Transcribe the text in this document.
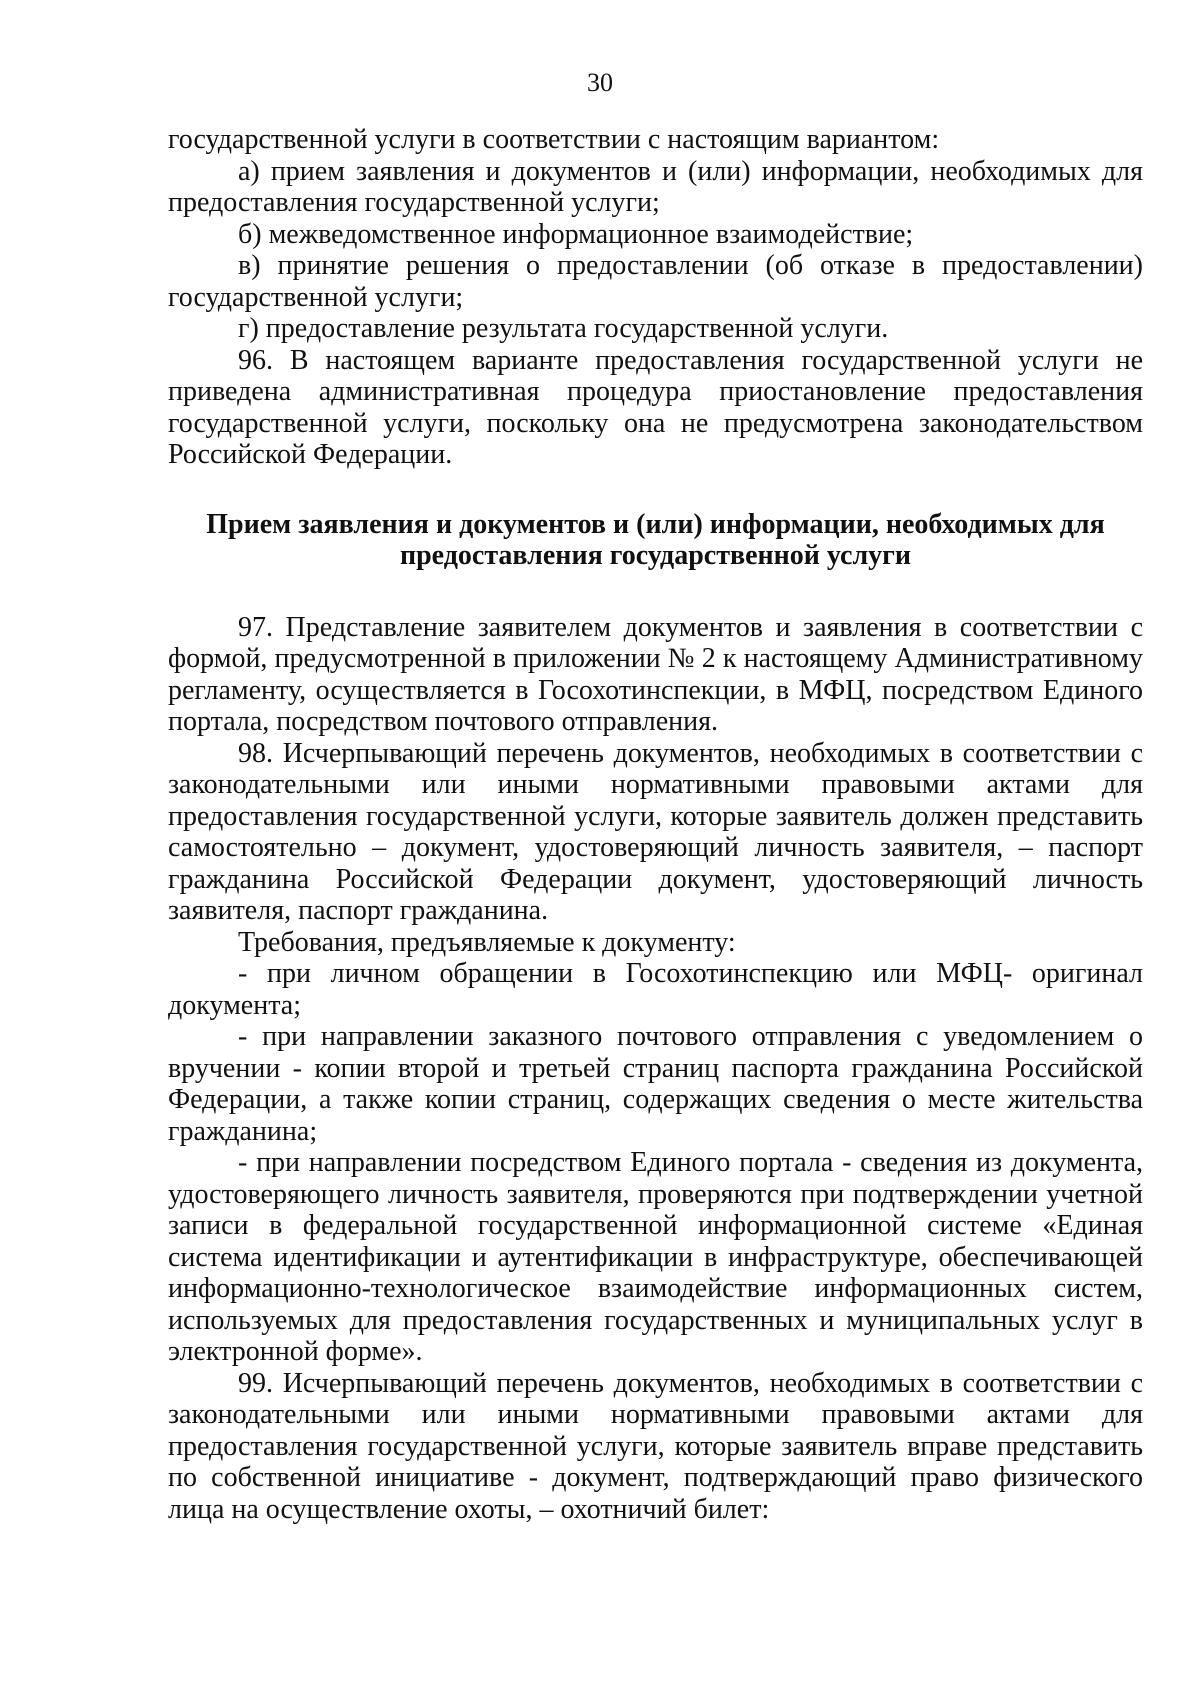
30

государственной услуги в соответствии с настоящим вариантом:

а) прием заявления и документов и (или) информации, необходимых для предоставления государственной услуги;

б) межведомственное информационное взаимодействие;

в) принятие решения о предоставлении (об отказе в предоставлении) государственной услуги;

г) предоставление результата государственной услуги.

96. В настоящем варианте предоставления государственной услуги не приведена административная процедура приостановление предоставления государственной услуги, поскольку она не предусмотрена законодательством Российской Федерации.

Прием заявления и документов и (или) информации, необходимых для
предоставления государственной услуги

97. Представление заявителем документов и заявления в соответствии с формой, предусмотренной в приложении № 2 к настоящему Административному регламенту, осуществляется в Госохотинспекции, в МФЦ, посредством Единого портала, посредством почтового отправления.

98. Исчерпывающий перечень документов, необходимых в соответствии с законодательными или иными нормативными правовыми актами для предоставления государственной услуги, которые заявитель должен представить самостоятельно – документ, удостоверяющий личность заявителя, – паспорт гражданина Российской Федерации документ, удостоверяющий личность заявителя, паспорт гражданина.

Требования, предъявляемые к документу:

- при личном обращении в Госохотинспекцию или МФЦ- оригинал документа;

- при направлении заказного почтового отправления с уведомлением о вручении - копии второй и третьей страниц паспорта гражданина Российской Федерации, а также копии страниц, содержащих сведения о месте жительства гражданина;

- при направлении посредством Единого портала - сведения из документа, удостоверяющего личность заявителя, проверяются при подтверждении учетной записи в федеральной государственной информационной системе «Единая система идентификации и аутентификации в инфраструктуре, обеспечивающей информационно-технологическое взаимодействие информационных систем, используемых для предоставления государственных и муниципальных услуг в электронной форме».

99. Исчерпывающий перечень документов, необходимых в соответствии с законодательными или иными нормативными правовыми актами для предоставления государственной услуги, которые заявитель вправе представить по собственной инициативе - документ, подтверждающий право физического лица на осуществление охоты, – охотничий билет:
